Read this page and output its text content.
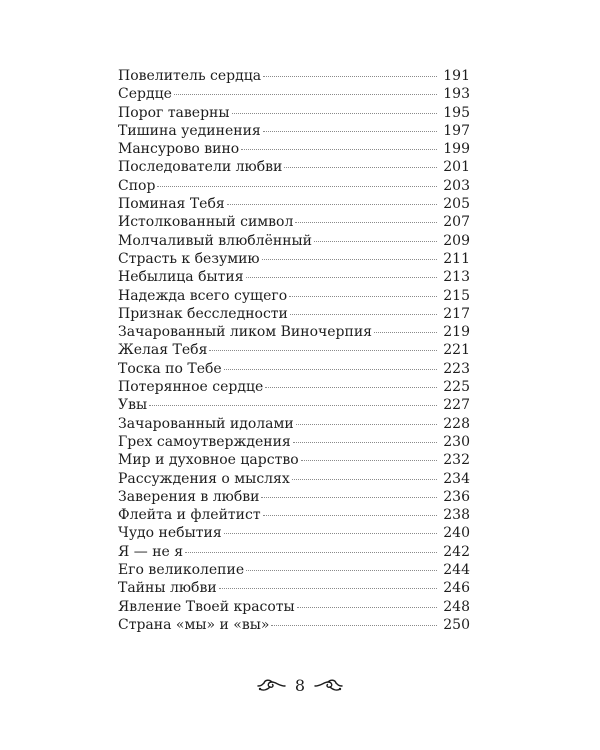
Повелитель сердца	191
Сердце	193
Порог таверны	195
Тишина уединения	197
Мансурово вино	199
Последователи любви	201
Спор	203
Поминая Тебя	205
Истолкованный символ	207
Молчаливый влюблённый	209
Страсть к безумию	211
Небылица бытия	213
Надежда всего сущего	215
Признак бесследности	217
Зачарованный ликом Виночерпия	219
Желая Тебя	221
Тоска по Тебе	223
Потерянное сердце	225
Увы	227
Зачарованный идолами	228
Грех самоутверждения	230
Мир и духовное царство	232
Рассуждения о мыслях	234
Заверения в любви	236
Флейта и флейтист	238
Чудо небытия	240
Я — не я	242
Его великолепие	244
Тайны любви	246
Явление Твоей красоты	248
Страна «мы» и «вы»	250
8
